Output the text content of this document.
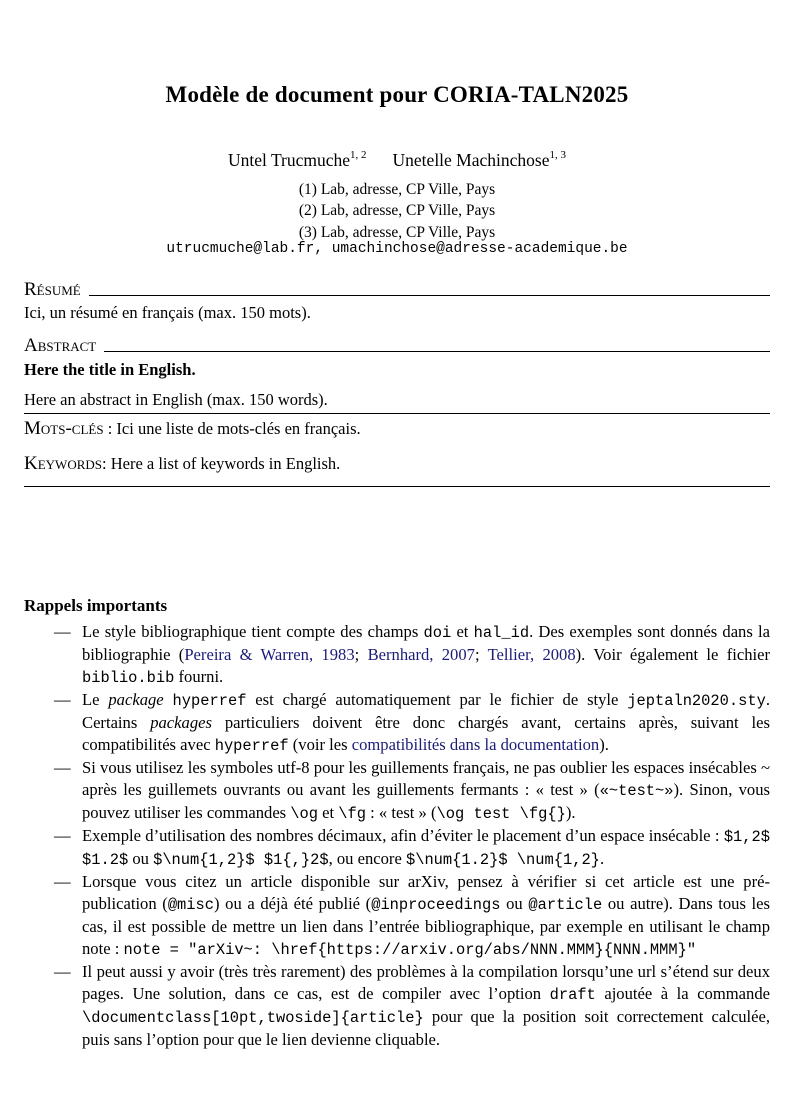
Modèle de document pour CORIA-TALN2025
Untel Trucmuche$^{1, 2}$ Unetelle Machinchose$^{1, 3}$
(1) Lab, adresse, CP Ville, Pays
(2) Lab, adresse, CP Ville, Pays
(3) Lab, adresse, CP Ville, Pays
utrucmuche@lab.fr, umachinchose@adresse-academique.be
Résumé
Ici, un résumé en français (max. 150 mots).
Abstract
Here the title in English.
Here an abstract in English (max. 150 words).
Mots-clés : Ici une liste de mots-clés en français.
Keywords: Here a list of keywords in English.
Rappels importants
— Le style bibliographique tient compte des champs doi et hal_id. Des exemples sont donnés dans la bibliographie (Pereira & Warren, 1983; Bernhard, 2007; Tellier, 2008). Voir également le fichier biblio.bib fourni.
— Le package hyperref est chargé automatiquement par le fichier de style jeptaln2020.sty. Certains packages particuliers doivent être donc chargés avant, certains après, suivant les compatibilités avec hyperref (voir les compatibilités dans la documentation).
— Si vous utilisez les symboles utf-8 pour les guillements français, ne pas oublier les espaces insécables ~ après les guillemets ouvrants ou avant les guillements fermants : « test » («~test~»). Sinon, vous pouvez utiliser les commandes \og et \fg : « test » (\og test \fg{}).
— Exemple d’utilisation des nombres décimaux, afin d’éviter le placement d’un espace insécable : $1,2$ $1.2$ ou $\num{1,2}$ $1{,}2$, ou encore $\num{1.2}$ \num{1,2}.
— Lorsque vous citez un article disponible sur arXiv, pensez à vérifier si cet article est une pré-publication (@misc) ou a déjà été publié (@inproceedings ou @article ou autre). Dans tous les cas, il est possible de mettre un lien dans l’entrée bibliographique, par exemple en utilisant le champ note : note = "arXiv~: \href{https://arxiv.org/abs/NNN.MMM}{NNN.MMM}"
— Il peut aussi y avoir (très très rarement) des problèmes à la compilation lorsqu’une url s’étend sur deux pages. Une solution, dans ce cas, est de compiler avec l’option draft ajoutée à la commande \documentclass[10pt,twoside]{article} pour que la position soit correctement calculée, puis sans l’option pour que le lien devienne cliquable.
